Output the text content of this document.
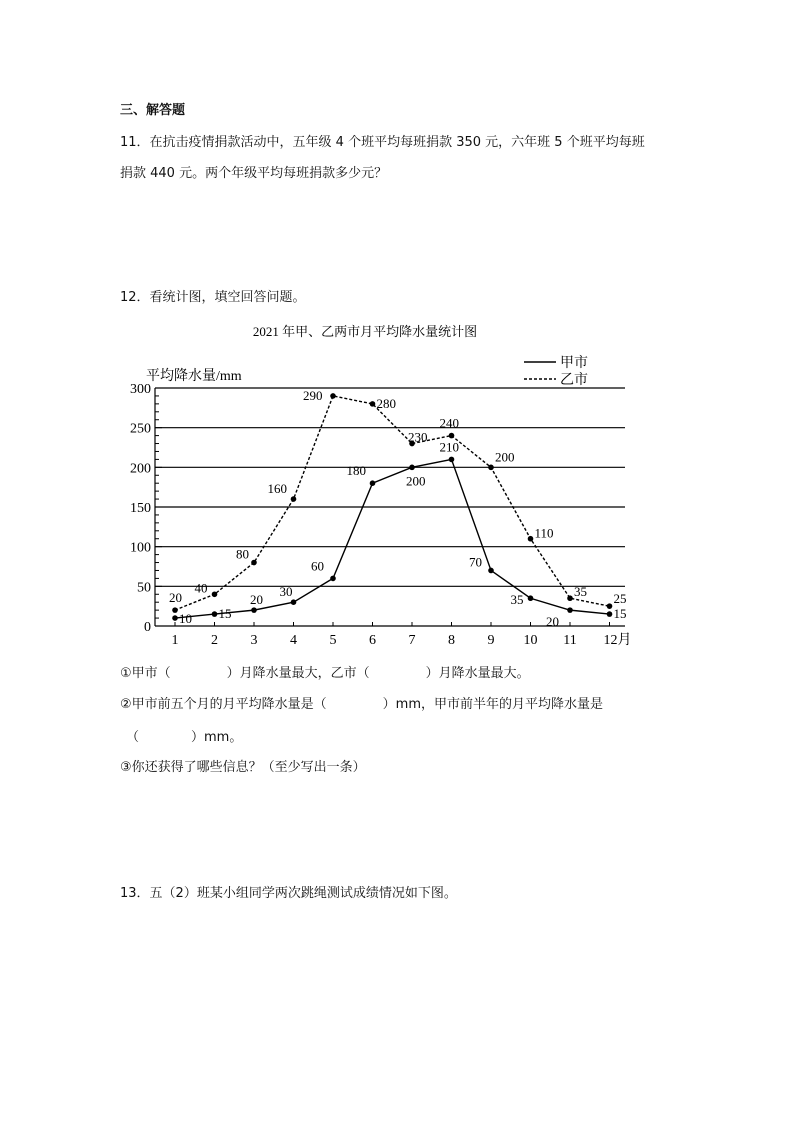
三、解答题
11．在抗击疫情捐款活动中，五年级 4 个班平均每班捐款 350 元，六年班 5 个班平均每班
捐款 440 元。两个年级平均每班捐款多少元？
12．看统计图，填空回答问题。
2021 年甲、乙两市月平均降水量统计图
0
50
100
150
200
250
300
1 2 3 4 5 6 7 8 9 10 11 12月
10 15
20
30
60
180
200
210
70
35
20
15
20
40
80
160
290
280
230
240
200
110
35 25
甲市
乙市
平均降水量/mm
①甲市（	）月降水量最大，乙市（	）月降水量最大。
②甲市前五个月的月平均降水量是（	）mm，甲市前半年的月平均降水量是
（	）mm。
③你还获得了哪些信息？（至少写出一条）
13．五（2）班某小组同学两次跳绳测试成绩情况如下图。
